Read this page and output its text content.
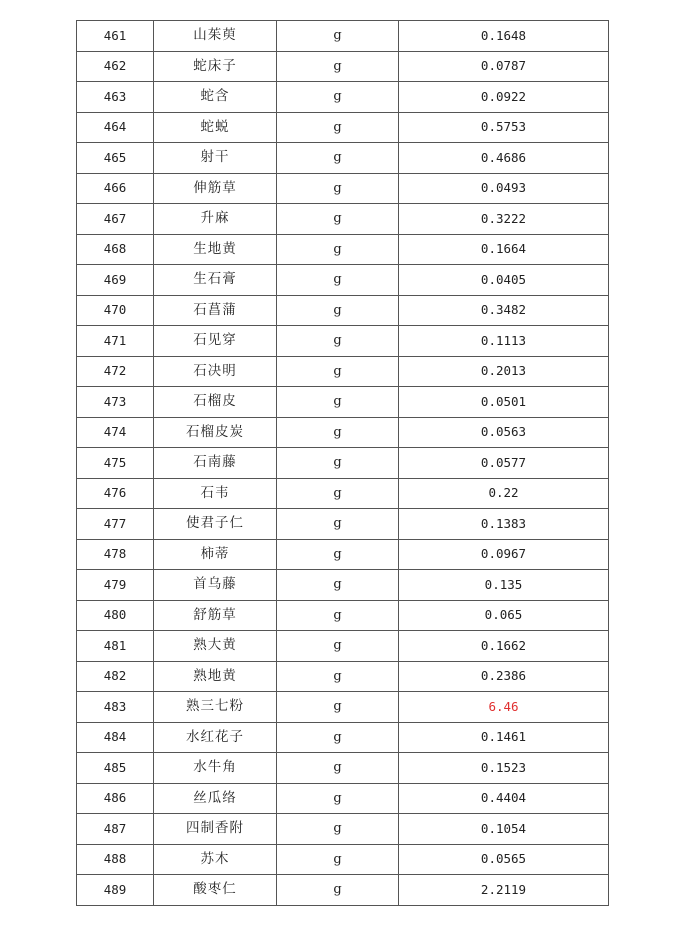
461	山茱萸	g	0.1648
462	蛇床子	g	0.0787
463	蛇含	g	0.0922
464	蛇蜕	g	0.5753
465	射干	g	0.4686
466	伸筋草	g	0.0493
467	升麻	g	0.3222
468	生地黄	g	0.1664
469	生石膏	g	0.0405
470	石菖蒲	g	0.3482
471	石见穿	g	0.1113
472	石决明	g	0.2013
473	石榴皮	g	0.0501
474	石榴皮炭	g	0.0563
475	石南藤	g	0.0577
476	石韦	g	0.22
477	使君子仁	g	0.1383
478	柿蒂	g	0.0967
479	首乌藤	g	0.135
480	舒筋草	g	0.065
481	熟大黄	g	0.1662
482	熟地黄	g	0.2386
483	熟三七粉	g	6.46
484	水红花子	g	0.1461
485	水牛角	g	0.1523
486	丝瓜络	g	0.4404
487	四制香附	g	0.1054
488	苏木	g	0.0565
489	酸枣仁	g	2.2119
